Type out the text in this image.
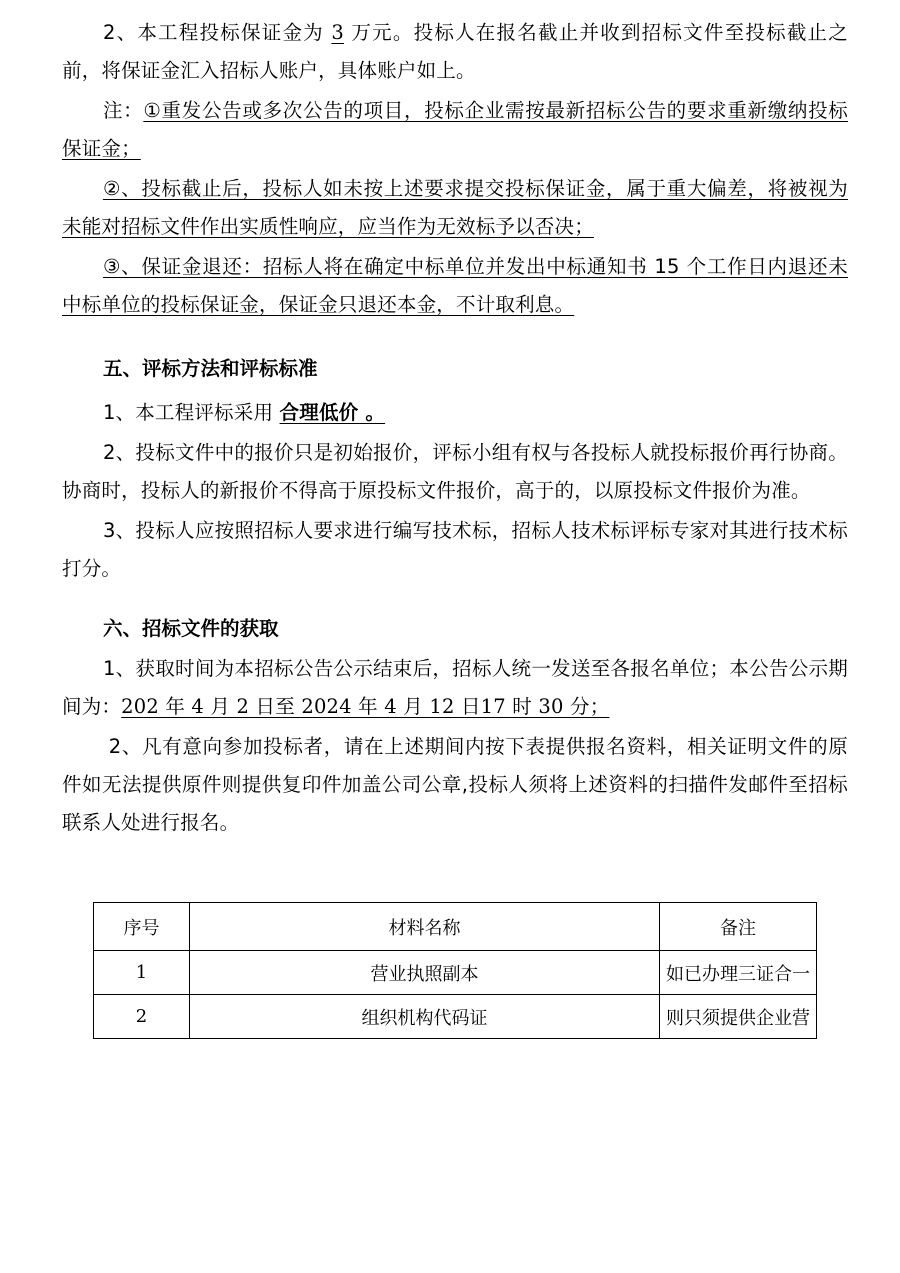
2、本工程投标保证金为 3 万元。投标人在报名截止并收到招标文件至投标截止之前，将保证金汇入招标人账户，具体账户如上。

注：①重发公告或多次公告的项目，投标企业需按最新招标公告的要求重新缴纳投标保证金；

②、投标截止后，投标人如未按上述要求提交投标保证金，属于重大偏差，将被视为未能对招标文件作出实质性响应，应当作为无效标予以否决；

③、保证金退还：招标人将在确定中标单位并发出中标通知书 15 个工作日内退还未中标单位的投标保证金，保证金只退还本金，不计取利息。

五、评标方法和评标标准

1、本工程评标采用 合理低价 。

2、投标文件中的报价只是初始报价，评标小组有权与各投标人就投标报价再行协商。协商时，投标人的新报价不得高于原投标文件报价，高于的，以原投标文件报价为准。

3、投标人应按照招标人要求进行编写技术标，招标人技术标评标专家对其进行技术标打分。

六、招标文件的获取

1、获取时间为本招标公告公示结束后，招标人统一发送至各报名单位；本公告公示期间为：202 年 4 月 2 日至 2024 年 4 月 12 日17 时 30 分；

2、凡有意向参加投标者，请在上述期间内按下表提供报名资料，相关证明文件的原件如无法提供原件则提供复印件加盖公司公章,投标人须将上述资料的扫描件发邮件至招标联系人处进行报名。

序号	材料名称	备注
1	营业执照副本	如已办理三证合一
2	组织机构代码证	则只须提供企业营
